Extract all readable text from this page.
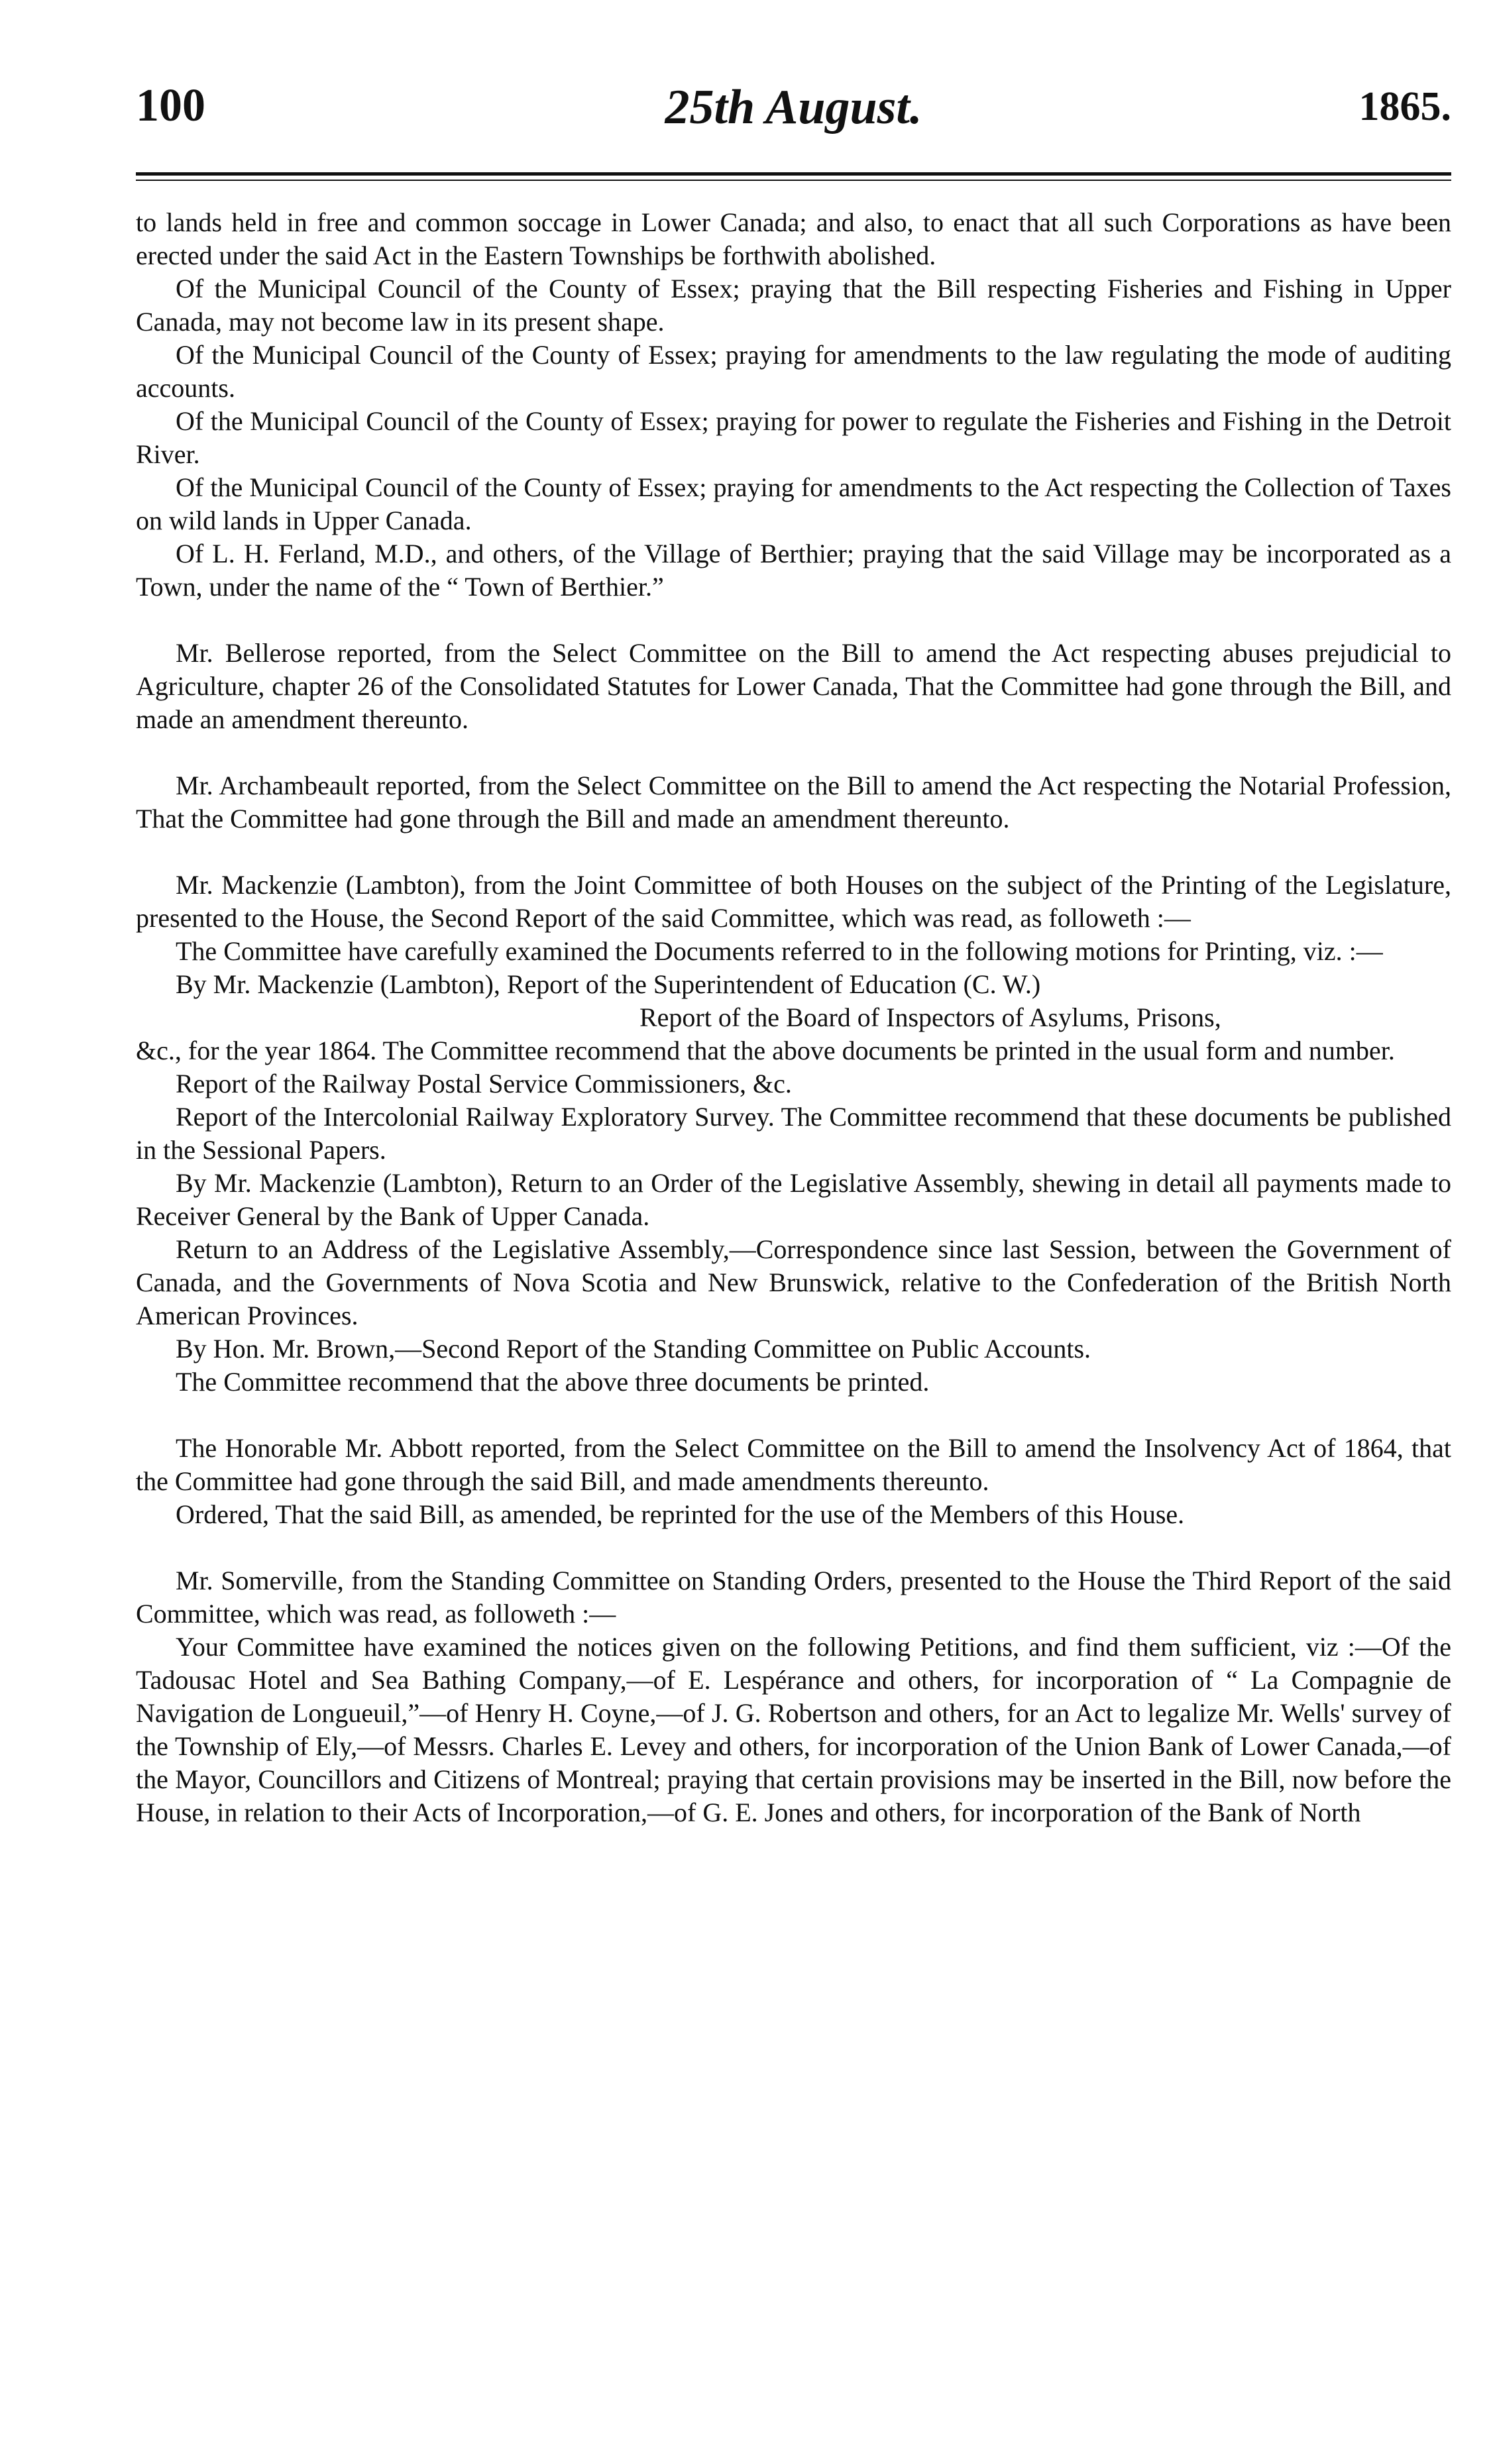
100	25th August.	1865.

to lands held in free and common soccage in Lower Canada; and also, to enact that all such Corporations as have been erected under the said Act in the Eastern Townships be forthwith abolished.

Of the Municipal Council of the County of Essex; praying that the Bill respecting Fisheries and Fishing in Upper Canada, may not become law in its present shape.

Of the Municipal Council of the County of Essex; praying for amendments to the law regulating the mode of auditing accounts.

Of the Municipal Council of the County of Essex; praying for power to regulate the Fisheries and Fishing in the Detroit River.

Of the Municipal Council of the County of Essex; praying for amendments to the Act respecting the Collection of Taxes on wild lands in Upper Canada.

Of L. H. Ferland, M.D., and others, of the Village of Berthier; praying that the said Village may be incorporated as a Town, under the name of the “ Town of Berthier.”

Mr. Bellerose reported, from the Select Committee on the Bill to amend the Act respecting abuses prejudicial to Agriculture, chapter 26 of the Consolidated Statutes for Lower Canada, That the Committee had gone through the Bill, and made an amendment thereunto.

Mr. Archambeault reported, from the Select Committee on the Bill to amend the Act respecting the Notarial Profession, That the Committee had gone through the Bill and made an amendment thereunto.

Mr. Mackenzie (Lambton), from the Joint Committee of both Houses on the subject of the Printing of the Legislature, presented to the House, the Second Report of the said Committee, which was read, as followeth :—

The Committee have carefully examined the Documents referred to in the following motions for Printing, viz. :—

By Mr. Mackenzie (Lambton), Report of the Superintendent of Education (C. W.)

Report of the Board of Inspectors of Asylums, Prisons,

&c., for the year 1864. The Committee recommend that the above documents be printed in the usual form and number.

Report of the Railway Postal Service Commissioners, &c.

Report of the Intercolonial Railway Exploratory Survey. The Committee recommend that these documents be published in the Sessional Papers.

By Mr. Mackenzie (Lambton), Return to an Order of the Legislative Assembly, shewing in detail all payments made to Receiver General by the Bank of Upper Canada.

Return to an Address of the Legislative Assembly,—Correspondence since last Session, between the Government of Canada, and the Governments of Nova Scotia and New Brunswick, relative to the Confederation of the British North American Provinces.

By Hon. Mr. Brown,—Second Report of the Standing Committee on Public Accounts.

The Committee recommend that the above three documents be printed.

The Honorable Mr. Abbott reported, from the Select Committee on the Bill to amend the Insolvency Act of 1864, that the Committee had gone through the said Bill, and made amendments thereunto.

Ordered, That the said Bill, as amended, be reprinted for the use of the Members of this House.

Mr. Somerville, from the Standing Committee on Standing Orders, presented to the House the Third Report of the said Committee, which was read, as followeth :—

Your Committee have examined the notices given on the following Petitions, and find them sufficient, viz :—Of the Tadousac Hotel and Sea Bathing Company,—of E. Lespérance and others, for incorporation of “ La Compagnie de Navigation de Longueuil,”—of Henry H. Coyne,—of J. G. Robertson and others, for an Act to legalize Mr. Wells' survey of the Township of Ely,—of Messrs. Charles E. Levey and others, for incorporation of the Union Bank of Lower Canada,—of the Mayor, Councillors and Citizens of Montreal; praying that certain provisions may be inserted in the Bill, now before the House, in relation to their Acts of Incorporation,—of G. E. Jones and others, for incorporation of the Bank of North
